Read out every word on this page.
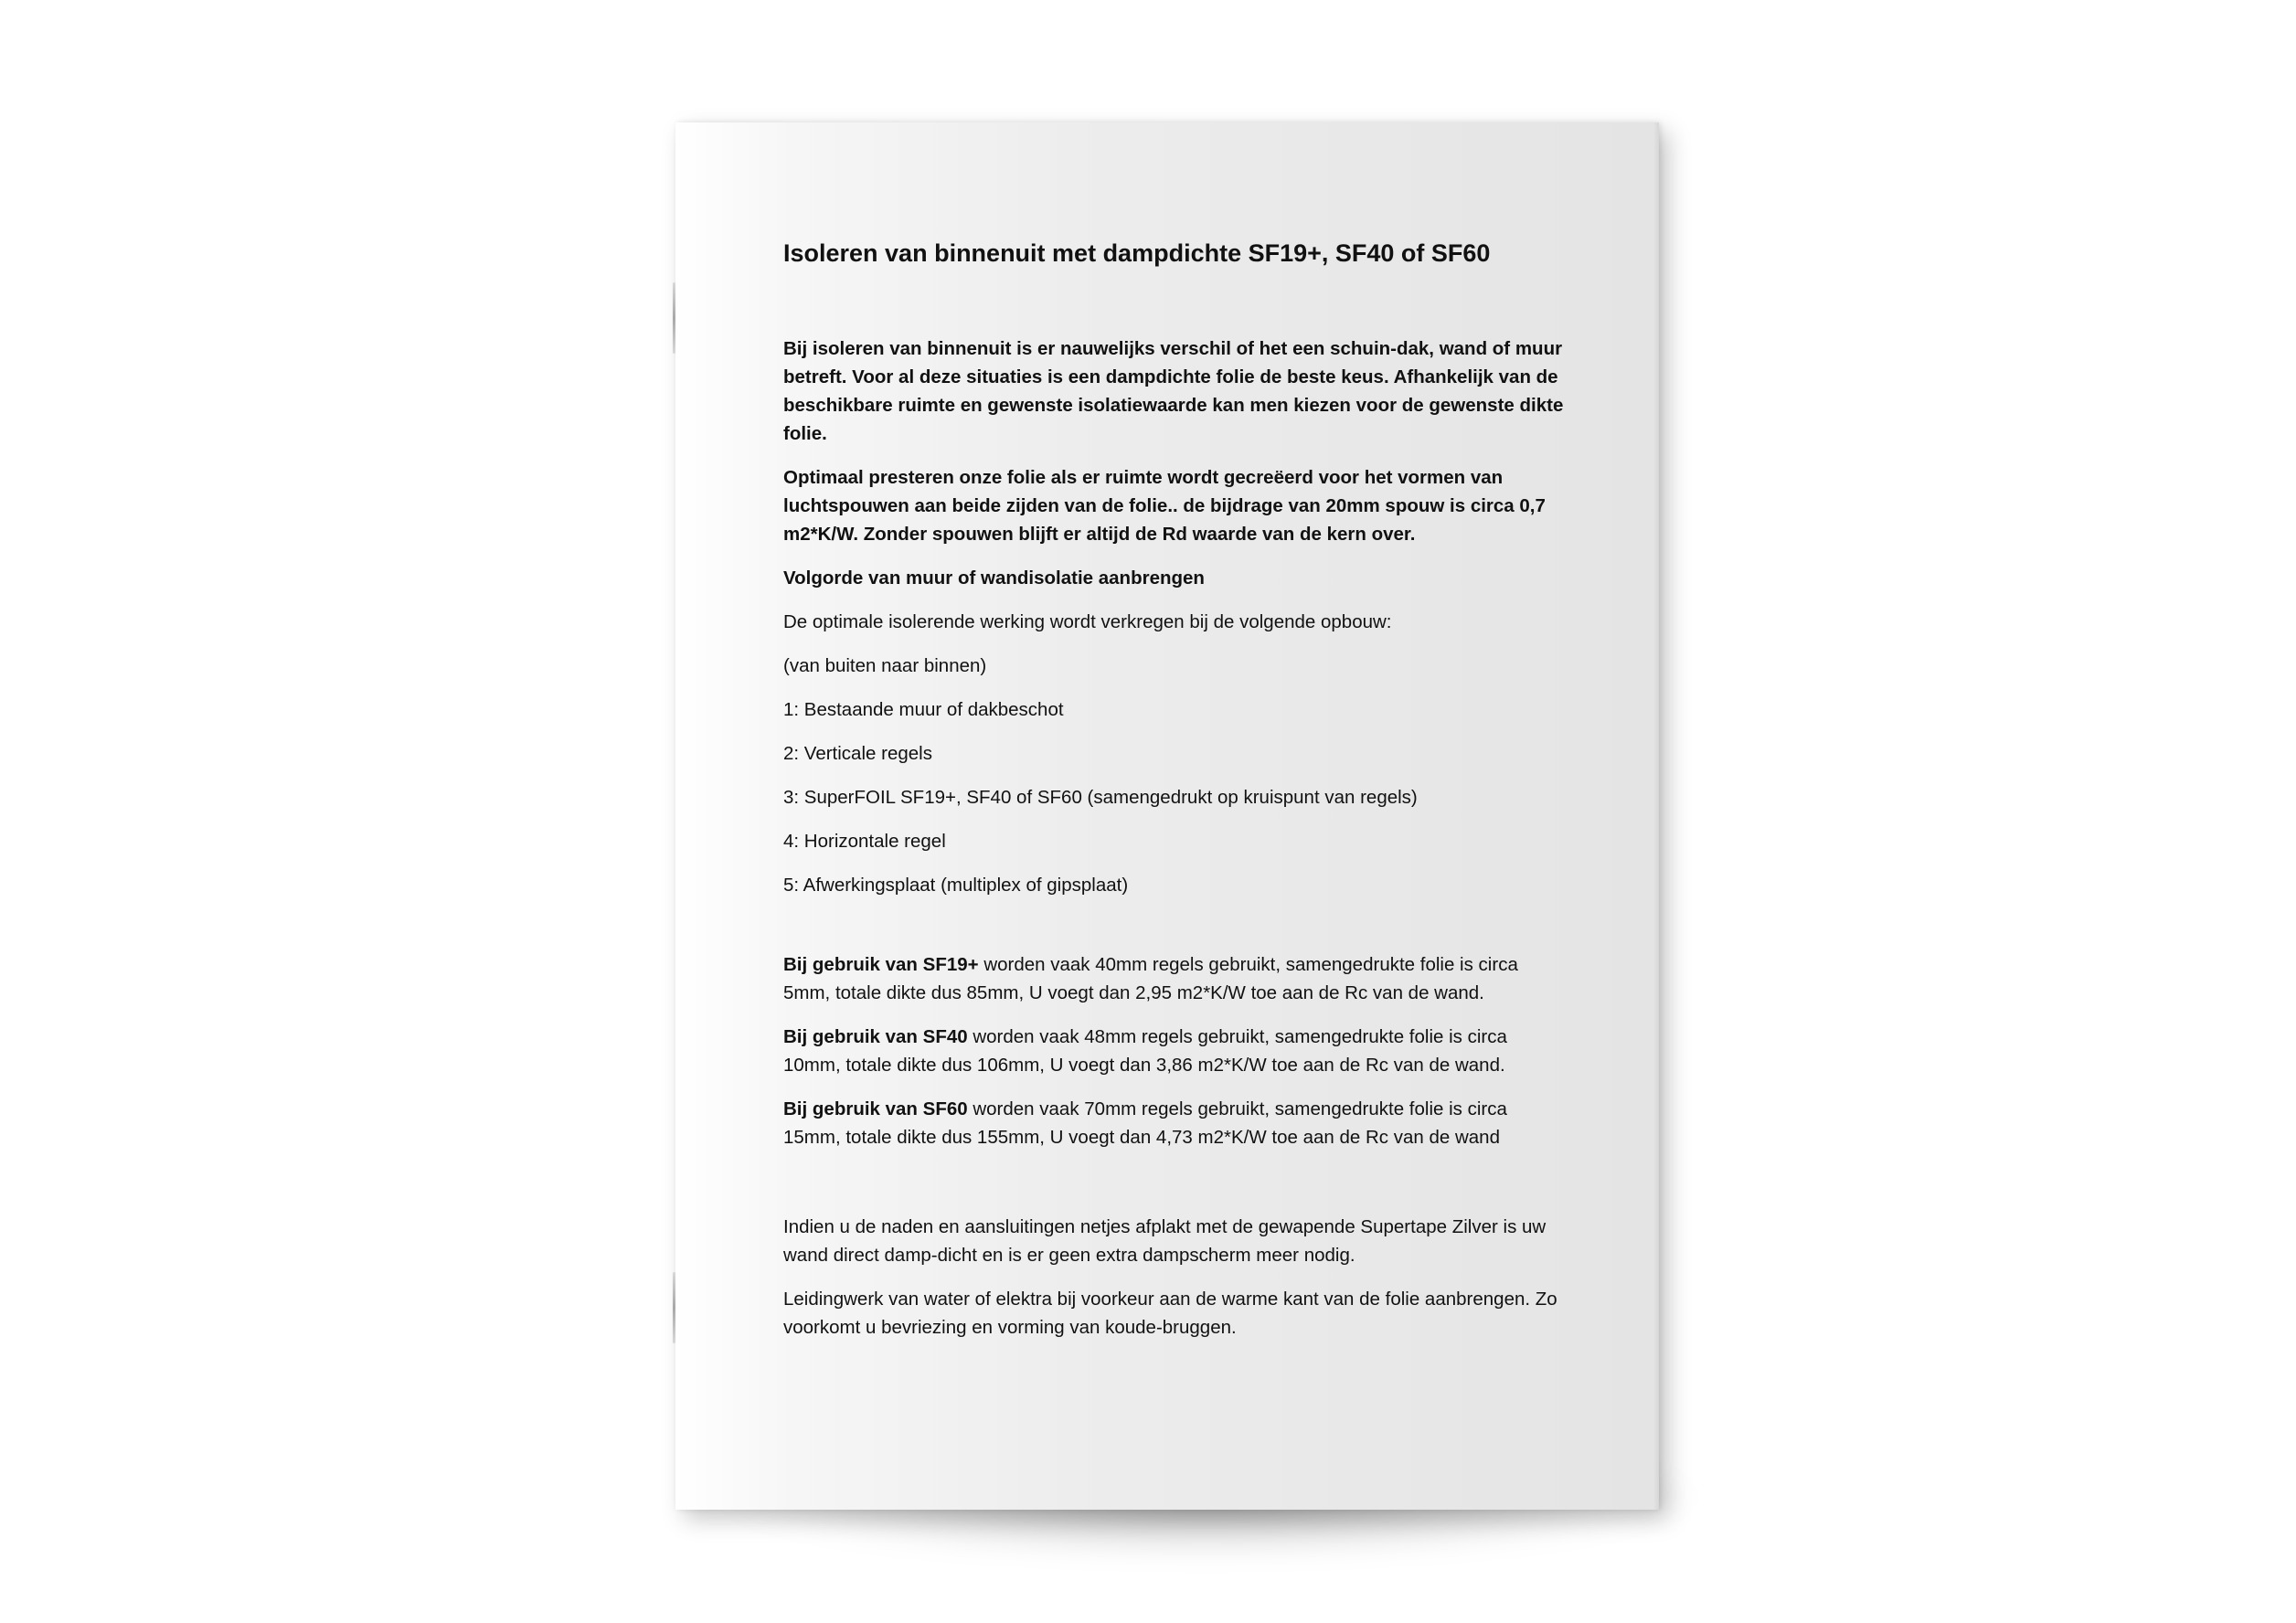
Isoleren van binnenuit met dampdichte SF19+, SF40 of SF60

Bij isoleren van binnenuit is er nauwelijks verschil of het een schuin-dak, wand of muur betreft. Voor al deze situaties is een dampdichte folie de beste keus. Afhankelijk van de beschikbare ruimte en gewenste isolatiewaarde kan men kiezen voor de gewenste dikte folie.

Optimaal presteren onze folie als er ruimte wordt gecreëerd voor het vormen van luchtspouwen aan beide zijden van de folie.. de bijdrage van 20mm spouw is circa 0,7 m2*K/W. Zonder spouwen blijft er altijd de Rd waarde van de kern over.

Volgorde van muur of wandisolatie aanbrengen

De optimale isolerende werking wordt verkregen bij de volgende opbouw:

(van buiten naar binnen)

1: Bestaande muur of dakbeschot

2: Verticale regels

3: SuperFOIL SF19+, SF40 of SF60 (samengedrukt op kruispunt van regels)

4: Horizontale regel

5: Afwerkingsplaat (multiplex of gipsplaat)

Bij gebruik van SF19+ worden vaak 40mm regels gebruikt, samengedrukte folie is circa 5mm, totale dikte dus 85mm, U voegt dan 2,95 m2*K/W toe aan de Rc van de wand.

Bij gebruik van SF40 worden vaak 48mm regels gebruikt, samengedrukte folie is circa 10mm, totale dikte dus 106mm, U voegt dan 3,86 m2*K/W toe aan de Rc van de wand.

Bij gebruik van SF60 worden vaak 70mm regels gebruikt, samengedrukte folie is circa 15mm, totale dikte dus 155mm, U voegt dan 4,73 m2*K/W toe aan de Rc van de wand

Indien u de naden en aansluitingen netjes afplakt met de gewapende Supertape Zilver is uw wand direct damp-dicht en is er geen extra dampscherm meer nodig.

Leidingwerk van water of elektra bij voorkeur aan de warme kant van de folie aanbrengen. Zo voorkomt u bevriezing en vorming van koude-bruggen.
